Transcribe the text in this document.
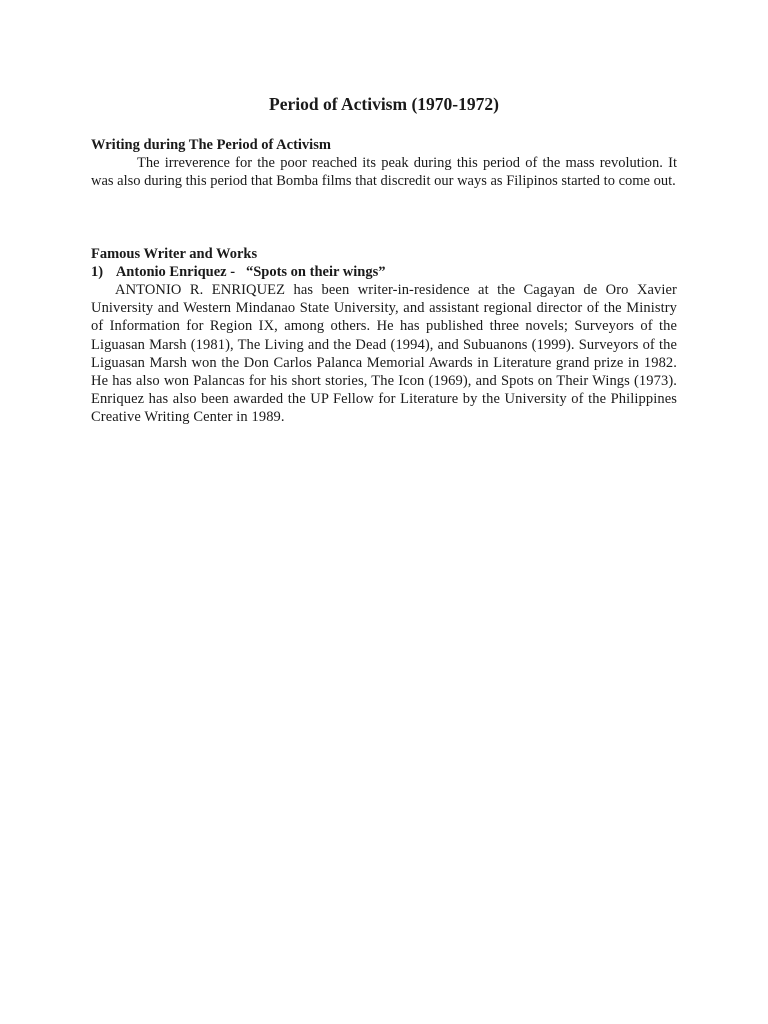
Period of Activism (1970-1972)
Writing during The Period of Activism

The irreverence for the poor reached its peak during this period of the mass revolution. It was also during this period that Bomba films that discredit our ways as Filipinos started to come out.

Famous Writer and Works
1) Antonio Enriquez - “Spots on their wings”

ANTONIO R. ENRIQUEZ has been writer-in-residence at the Cagayan de Oro Xavier University and Western Mindanao State University, and assistant regional director of the Ministry of Information for Region IX, among others. He has published three novels; Surveyors of the Liguasan Marsh (1981), The Living and the Dead (1994), and Subuanons (1999). Surveyors of the Liguasan Marsh won the Don Carlos Palanca Memorial Awards in Literature grand prize in 1982. He has also won Palancas for his short stories, The Icon (1969), and Spots on Their Wings (1973). Enriquez has also been awarded the UP Fellow for Literature by the University of the Philippines Creative Writing Center in 1989.
